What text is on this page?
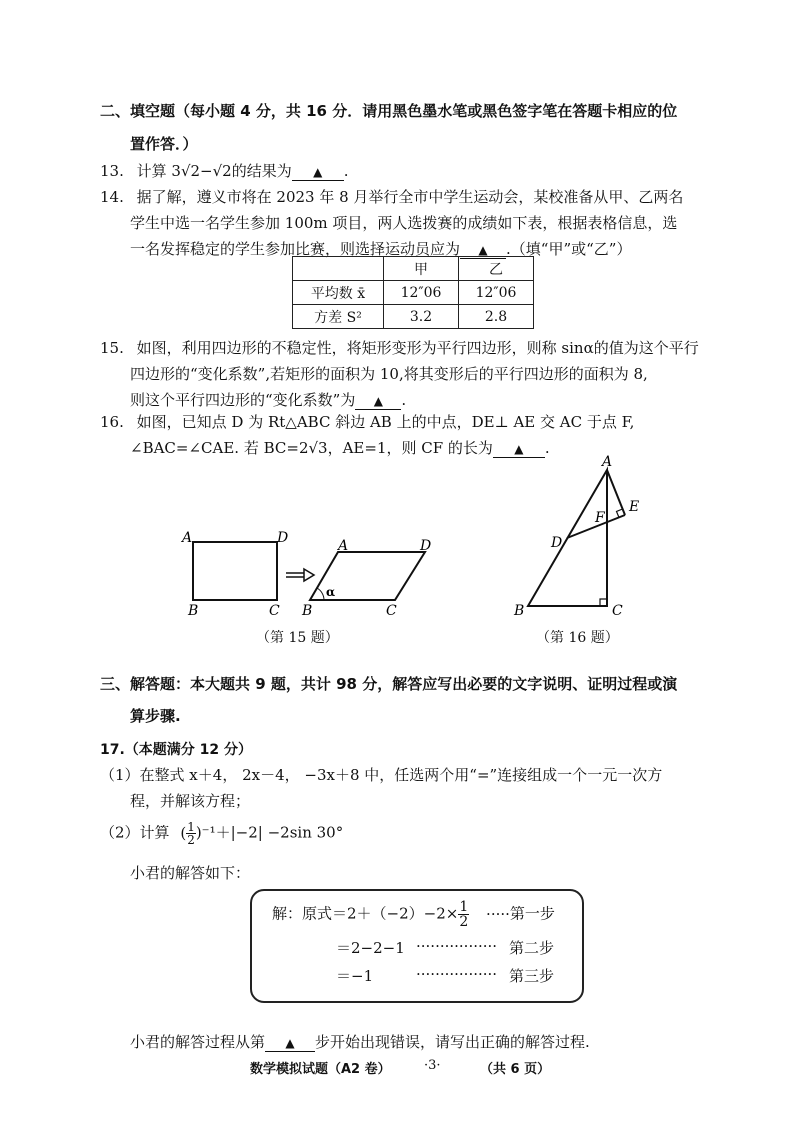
二、填空题（每小题 4 分，共 16 分．请用黑色墨水笔或黑色签字笔在答题卡相应的位
置作答．）
13. 计算 3√2−√2的结果为 ▲ .
14. 据了解，遵义市将在 2023 年 8 月举行全市中学生运动会，某校准备从甲、乙两名
学生中选一名学生参加 100m 项目，两人选拨赛的成绩如下表，根据表格信息，选
一名发挥稳定的学生参加比赛，则选择运动员应为 ▲ .（填“甲”或“乙”）
	甲	乙
平均数 x̄	12″06	12″06
方差 S²	3.2	2.8
15. 如图，利用四边形的不稳定性，将矩形变形为平行四边形，则称 sinα的值为这个平行
四边形的“变化系数”,若矩形的面积为 10,将其变形后的平行四边形的面积为 8,
则这个平行四边形的“变化系数”为 ▲ .
16. 如图，已知点 D 为 Rt△ABC 斜边 AB 上的中点，DE⊥ AE 交 AC 于点 F,
∠BAC=∠CAE. 若 BC=2√3，AE=1，则 CF 的长为 ▲ .
A	D
B	C
A	D
B	C
α
（第 15 题）
A
E
F
D
B	C
（第 16 题）
三、解答题：本大题共 9 题，共计 98 分，解答应写出必要的文字说明、证明过程或演
算步骤.
17.（本题满分 12 分）
（1）在整式 x＋4， 2x－4， −3x＋8 中，任选两个用“=”连接组成一个一元一次方
程，并解该方程；
（2）计算 ( $\frac{1}{2} )^{-1}+|-2| -2\sin$ 30°
小君的解答如下：
解：原式$=2+(-2)-2\times \frac{1}{2}$ ·····第一步
＝2−2−1 ················· 第二步
＝−1	················· 第三步
小君的解答过程从第 ▲ 步开始出现错误，请写出正确的解答过程.
数学模拟试题（A2 卷）	·3·	（共 6 页）
